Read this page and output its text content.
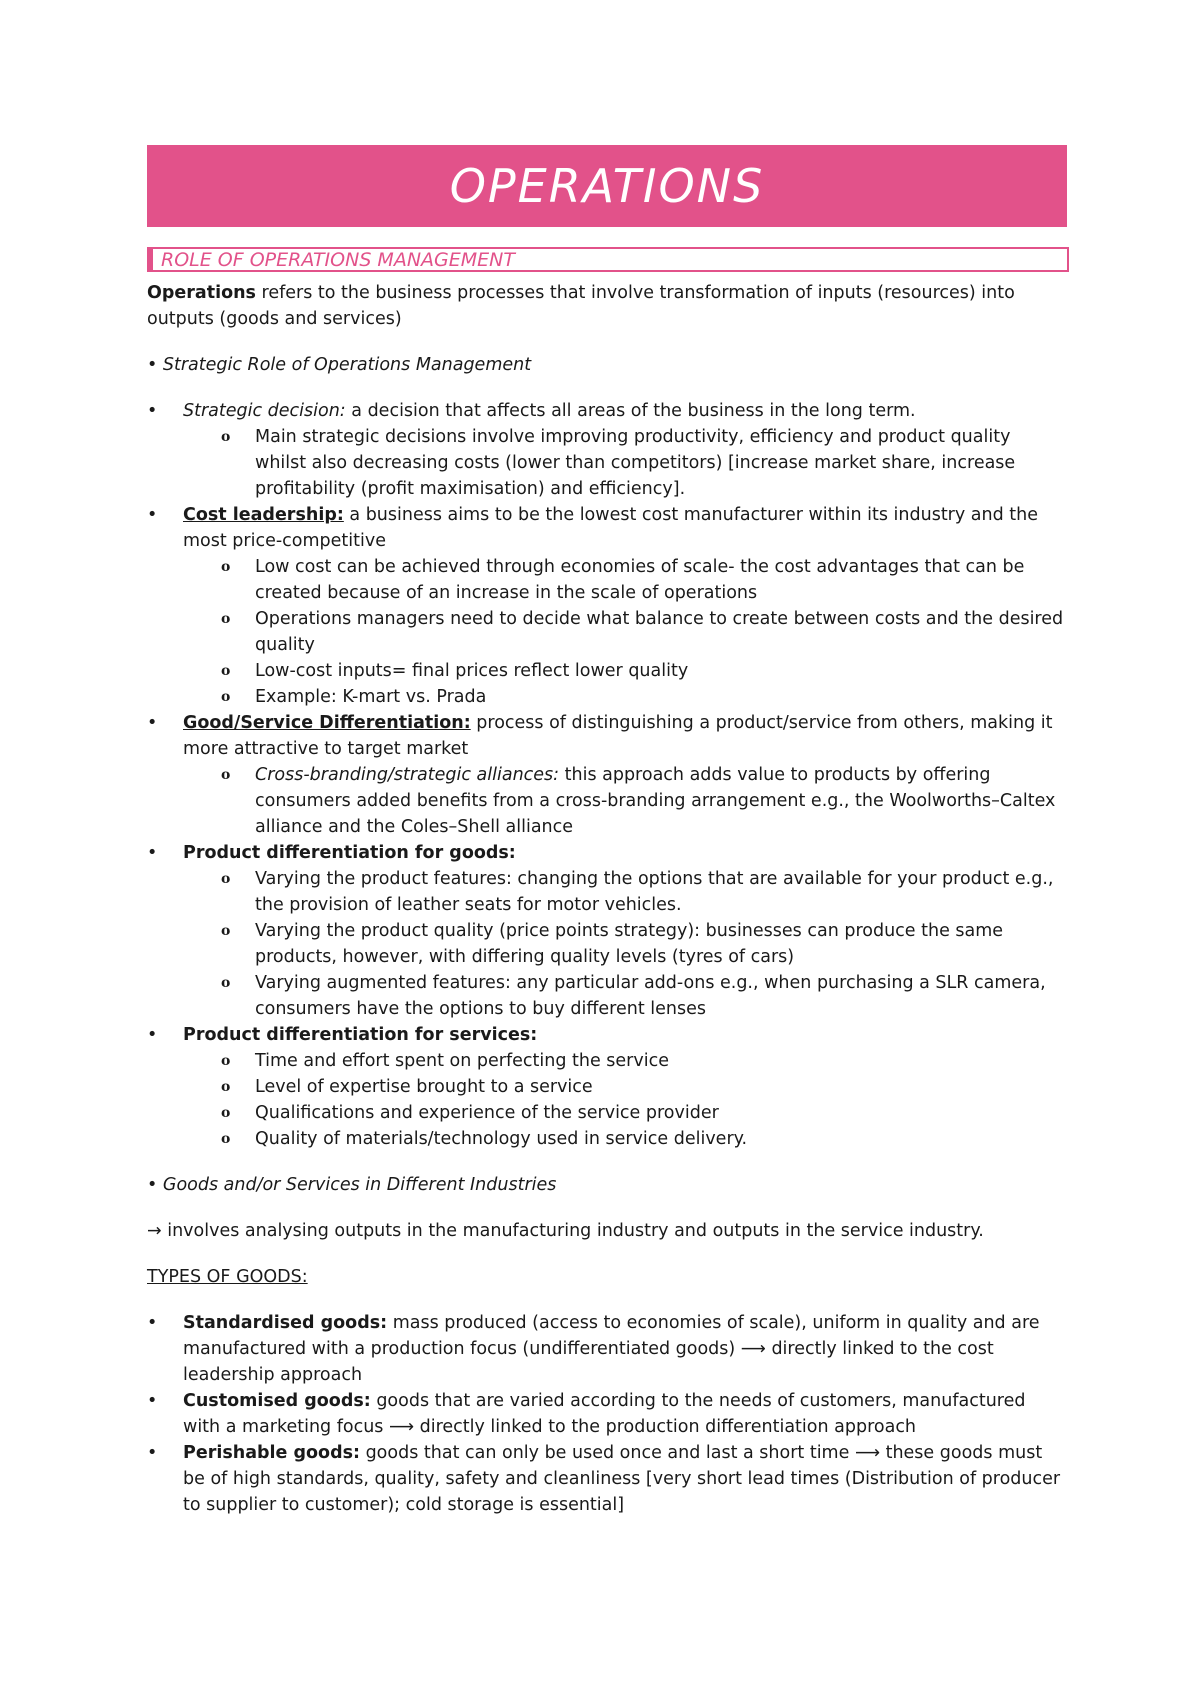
OPERATIONS
ROLE OF OPERATIONS MANAGEMENT

Operations refers to the business processes that involve transformation of inputs (resources) into outputs (goods and services)

• Strategic Role of Operations Management

•	Strategic decision: a decision that affects all areas of the business in the long term.
o Main strategic decisions involve improving productivity, efficiency and product quality whilst also decreasing costs (lower than competitors) [increase market share, increase profitability (profit maximisation) and efficiency].
•	Cost leadership: a business aims to be the lowest cost manufacturer within its industry and the most price-competitive
o Low cost can be achieved through economies of scale- the cost advantages that can be created because of an increase in the scale of operations
o Operations managers need to decide what balance to create between costs and the desired quality
o Low-cost inputs= final prices reflect lower quality
o Example: K-mart vs. Prada
•	Good/Service Differentiation: process of distinguishing a product/service from others, making it more attractive to target market
o Cross-branding/strategic alliances: this approach adds value to products by offering consumers added benefits from a cross-branding arrangement e.g., the Woolworths–Caltex alliance and the Coles–Shell alliance
•	Product differentiation for goods:
o Varying the product features: changing the options that are available for your product e.g., the provision of leather seats for motor vehicles.
o Varying the product quality (price points strategy): businesses can produce the same products, however, with differing quality levels (tyres of cars)
o Varying augmented features: any particular add-ons e.g., when purchasing a SLR camera, consumers have the options to buy different lenses
•	Product differentiation for services:
o Time and effort spent on perfecting the service
o Level of expertise brought to a service
o Qualifications and experience of the service provider
o Quality of materials/technology used in service delivery.

• Goods and/or Services in Different Industries

→ involves analysing outputs in the manufacturing industry and outputs in the service industry.

TYPES OF GOODS:

•	Standardised goods: mass produced (access to economies of scale), uniform in quality and are manufactured with a production focus (undifferentiated goods) ⟶ directly linked to the cost leadership approach
•	Customised goods: goods that are varied according to the needs of customers, manufactured with a marketing focus ⟶ directly linked to the production differentiation approach
•	Perishable goods: goods that can only be used once and last a short time ⟶ these goods must be of high standards, quality, safety and cleanliness [very short lead times (Distribution of producer to supplier to customer); cold storage is essential]
